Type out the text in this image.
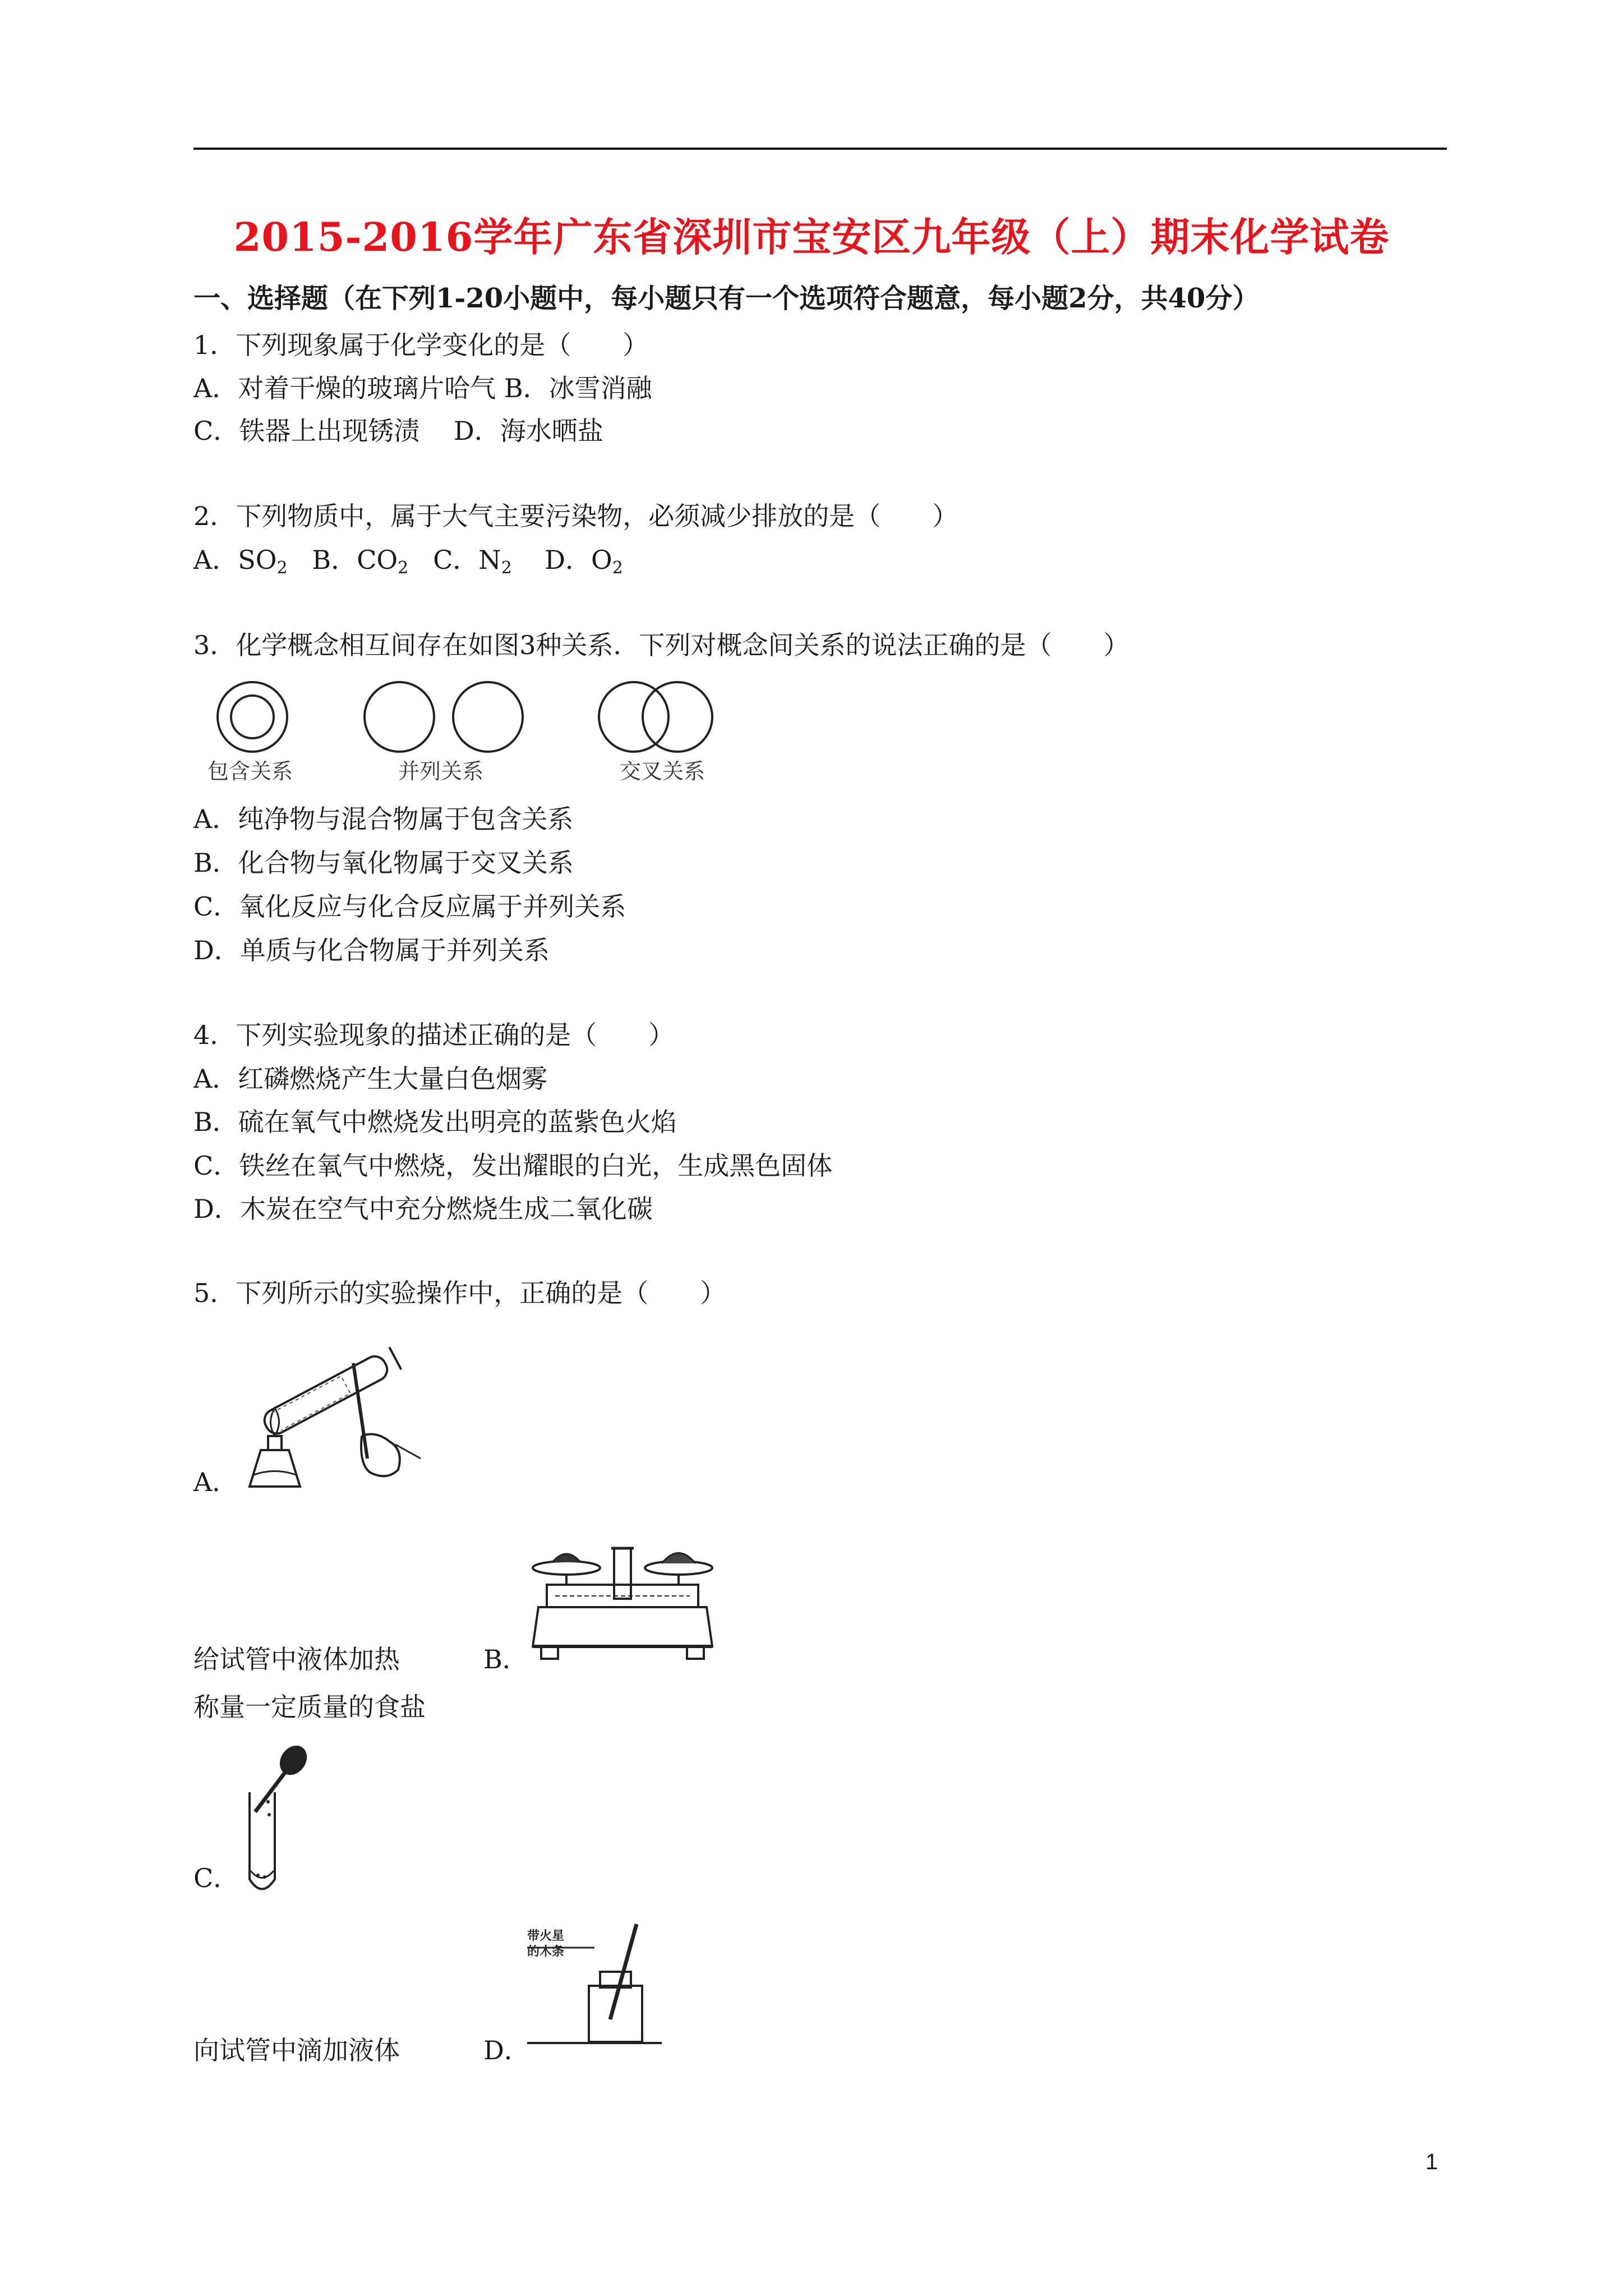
2015-2016学年广东省深圳市宝安区九年级（上）期末化学试卷
一、选择题（在下列1-20小题中，每小题只有一个选项符合题意，每小题2分，共40分）
1．下列现象属于化学变化的是（　　）
A．对着干燥的玻璃片哈气 B．冰雪消融
C．铁器上出现锈渍　 D．海水晒盐
2．下列物质中，属于大气主要污染物，必须减少排放的是（　　）
A．$SO_2$ B．$CO_2$ C．$N_2$ D．$O_2$
3．化学概念相互间存在如图3种关系．下列对概念间关系的说法正确的是（　　）
包含关系	并列关系	交叉关系
A．纯净物与混合物属于包含关系
B．化合物与氧化物属于交叉关系
C．氧化反应与化合反应属于并列关系
D．单质与化合物属于并列关系
4．下列实验现象的描述正确的是（　　）
A．红磷燃烧产生大量白色烟雾
B．硫在氧气中燃烧发出明亮的蓝紫色火焰
C．铁丝在氧气中燃烧，发出耀眼的白光，生成黑色固体
D．木炭在空气中充分燃烧生成二氧化碳
5．下列所示的实验操作中，正确的是（　　）
A．
给试管中液体加热	B．
称量一定质量的食盐
C．
向试管中滴加液体	D．
带火星
的木条
1
